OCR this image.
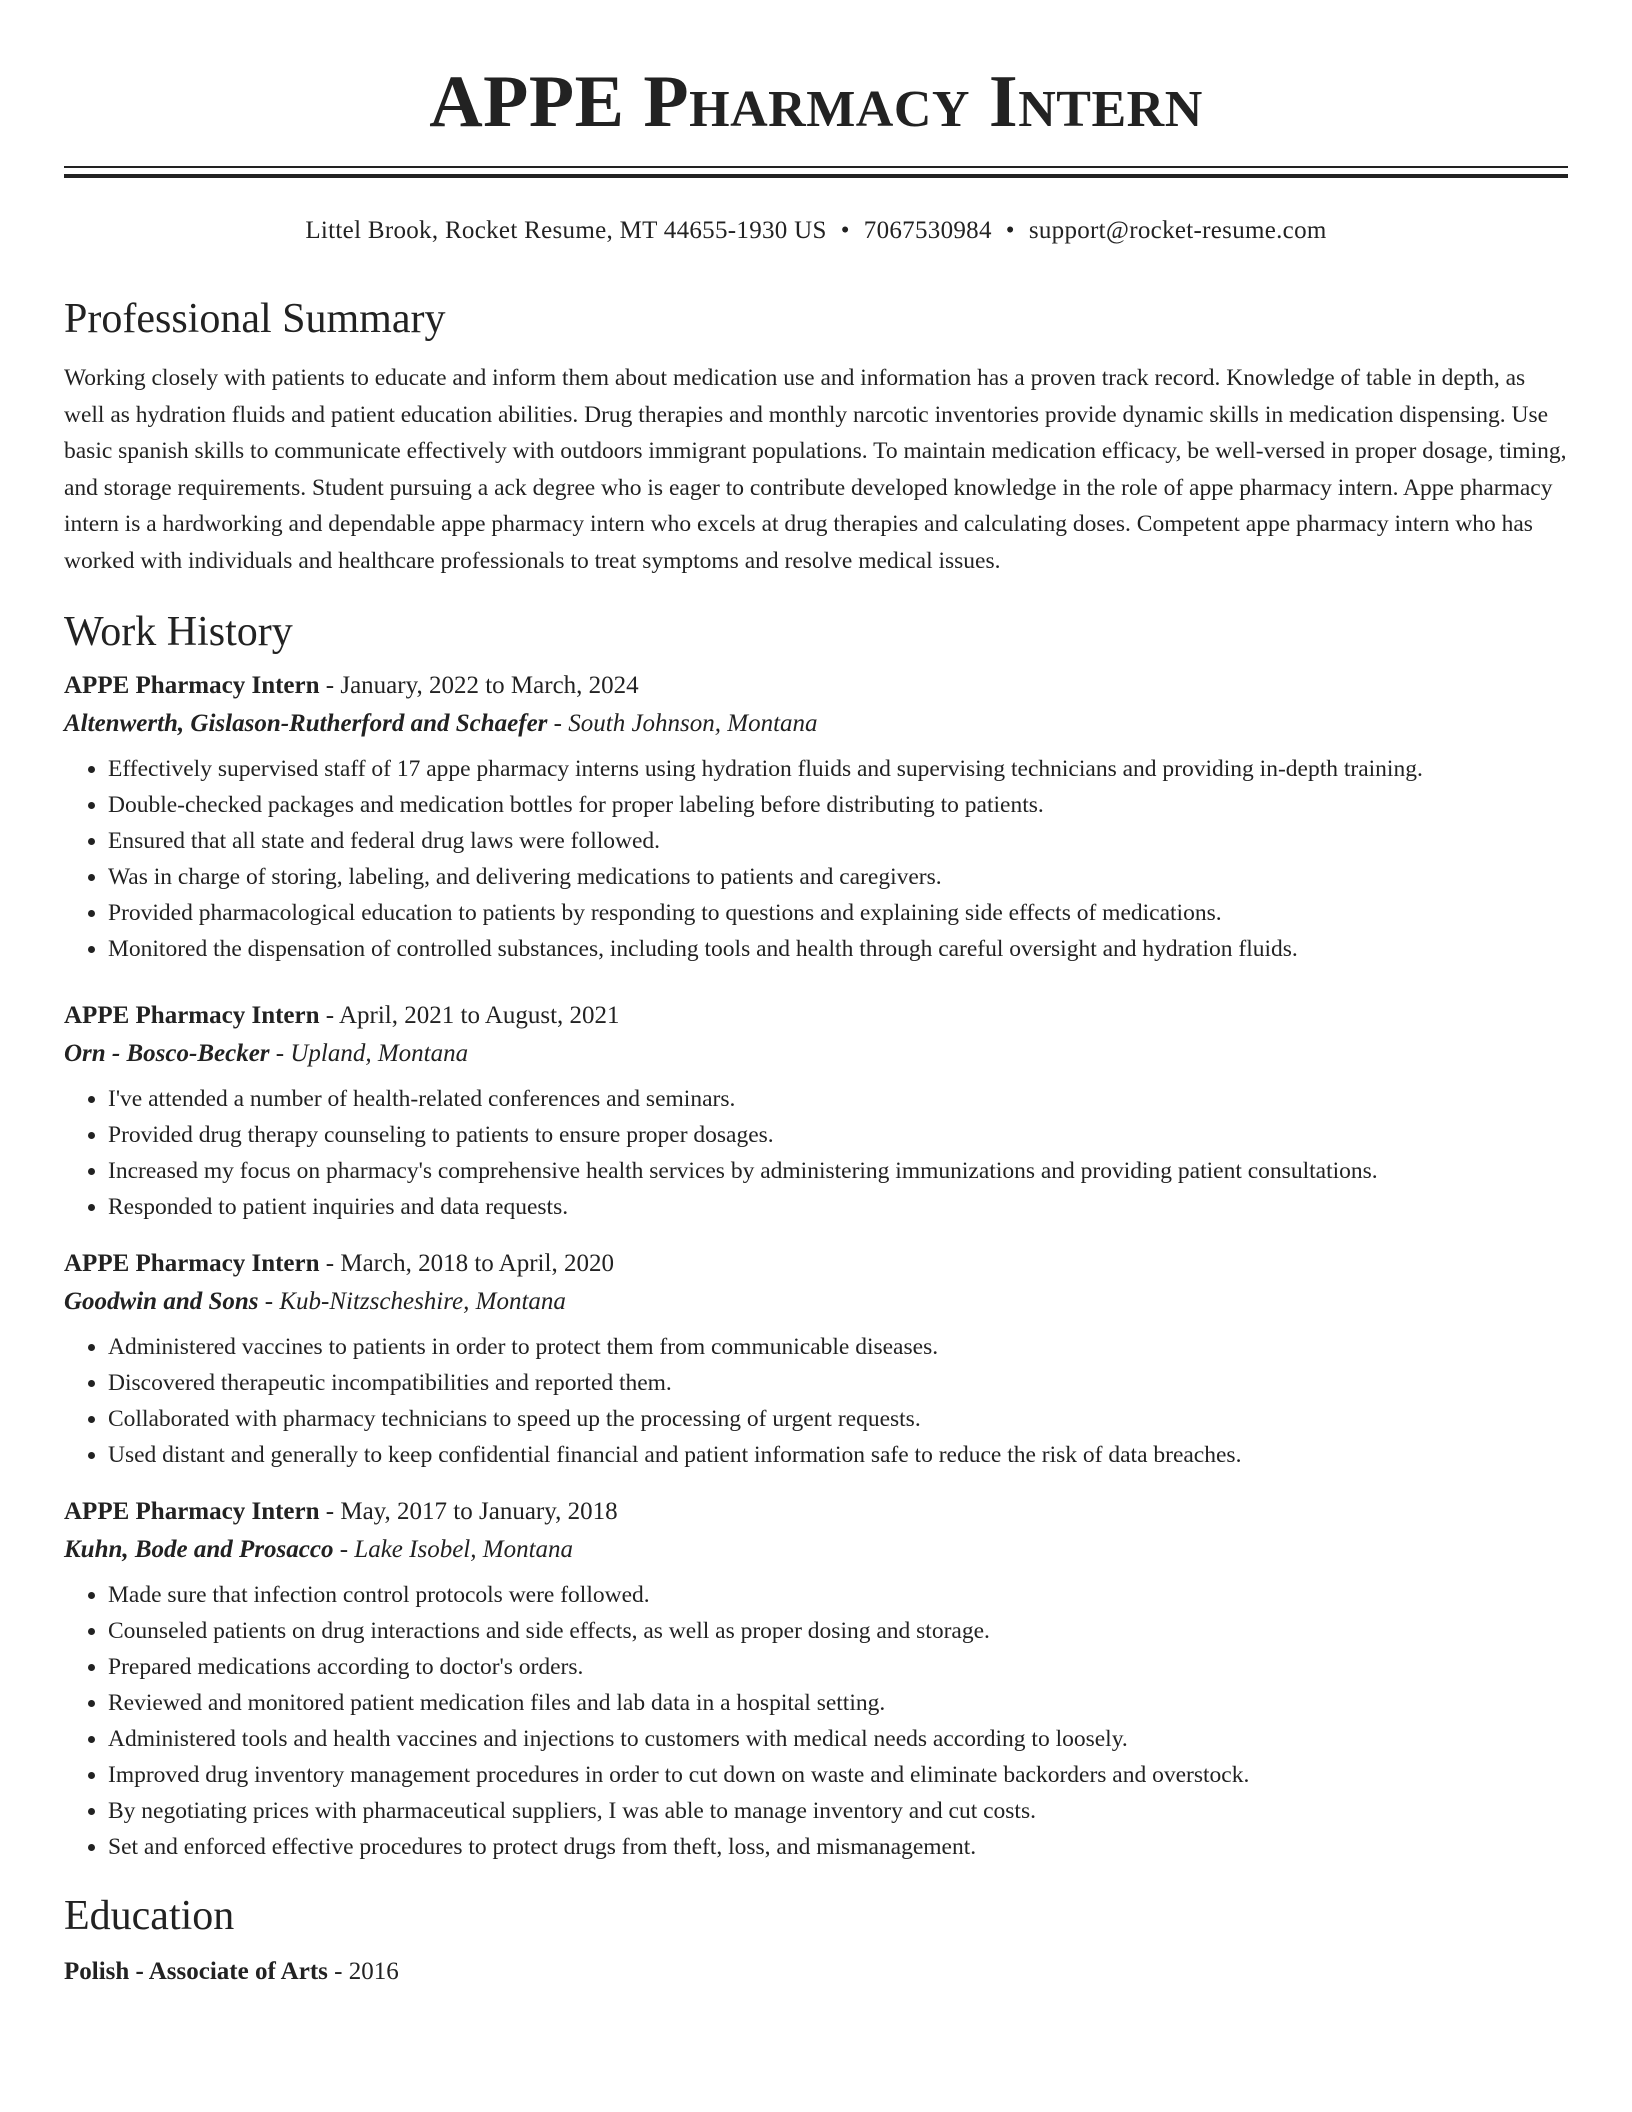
APPE Pharmacy Intern
Littel Brook, Rocket Resume, MT 44655-1930 US • 7067530984 • support@rocket-resume.com
Professional Summary
Working closely with patients to educate and inform them about medication use and information has a proven track record. Knowledge of table in depth, as well as hydration fluids and patient education abilities. Drug therapies and monthly narcotic inventories provide dynamic skills in medication dispensing. Use basic spanish skills to communicate effectively with outdoors immigrant populations. To maintain medication efficacy, be well-versed in proper dosage, timing, and storage requirements. Student pursuing a ack degree who is eager to contribute developed knowledge in the role of appe pharmacy intern. Appe pharmacy intern is a hardworking and dependable appe pharmacy intern who excels at drug therapies and calculating doses. Competent appe pharmacy intern who has worked with individuals and healthcare professionals to treat symptoms and resolve medical issues.
Work History
APPE Pharmacy Intern - January, 2022 to March, 2024
Altenwerth, Gislason-Rutherford and Schaefer - South Johnson, Montana
• Effectively supervised staff of 17 appe pharmacy interns using hydration fluids and supervising technicians and providing in-depth training.
• Double-checked packages and medication bottles for proper labeling before distributing to patients.
• Ensured that all state and federal drug laws were followed.
• Was in charge of storing, labeling, and delivering medications to patients and caregivers.
• Provided pharmacological education to patients by responding to questions and explaining side effects of medications.
• Monitored the dispensation of controlled substances, including tools and health through careful oversight and hydration fluids.
APPE Pharmacy Intern - April, 2021 to August, 2021
Orn - Bosco-Becker - Upland, Montana
• I've attended a number of health-related conferences and seminars.
• Provided drug therapy counseling to patients to ensure proper dosages.
• Increased my focus on pharmacy's comprehensive health services by administering immunizations and providing patient consultations.
• Responded to patient inquiries and data requests.
APPE Pharmacy Intern - March, 2018 to April, 2020
Goodwin and Sons - Kub-Nitzscheshire, Montana
• Administered vaccines to patients in order to protect them from communicable diseases.
• Discovered therapeutic incompatibilities and reported them.
• Collaborated with pharmacy technicians to speed up the processing of urgent requests.
• Used distant and generally to keep confidential financial and patient information safe to reduce the risk of data breaches.
APPE Pharmacy Intern - May, 2017 to January, 2018
Kuhn, Bode and Prosacco - Lake Isobel, Montana
• Made sure that infection control protocols were followed.
• Counseled patients on drug interactions and side effects, as well as proper dosing and storage.
• Prepared medications according to doctor's orders.
• Reviewed and monitored patient medication files and lab data in a hospital setting.
• Administered tools and health vaccines and injections to customers with medical needs according to loosely.
• Improved drug inventory management procedures in order to cut down on waste and eliminate backorders and overstock.
• By negotiating prices with pharmaceutical suppliers, I was able to manage inventory and cut costs.
• Set and enforced effective procedures to protect drugs from theft, loss, and mismanagement.
Education
Polish - Associate of Arts - 2016
